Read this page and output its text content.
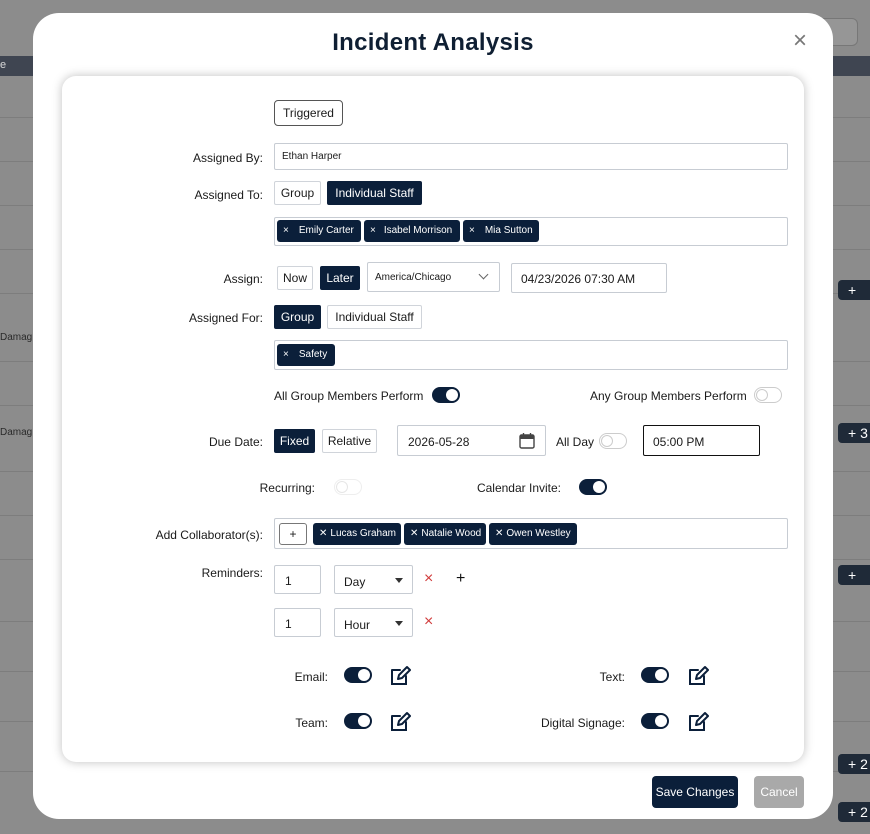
e
Damag
Damag
+
+ 3
+
+ 2
+ 2
Incident Analysis	×
Triggered
Assigned By: Ethan Harper
Assigned To:	Group	Individual Staff
× Emily Carter	× Isabel Morrison	× Mia Sutton
Assign:	Now	Later	America/Chicago	04/23/2026 07:30 AM
Assigned For:	Group	Individual Staff
× Safety
All Group Members Perform	Any Group Members Perform
Due Date:	Fixed	Relative	2026-05-28	All Day	05:00 PM
Recurring:	Calendar Invite:
Add Collaborator(s):	+	✕ Lucas Graham	✕ Natalie Wood	✕ Owen Westley
Reminders:
1	Day	× +
1	Hour	×
Email:	Text:
Team:	Digital Signage:
Save Changes	Cancel
